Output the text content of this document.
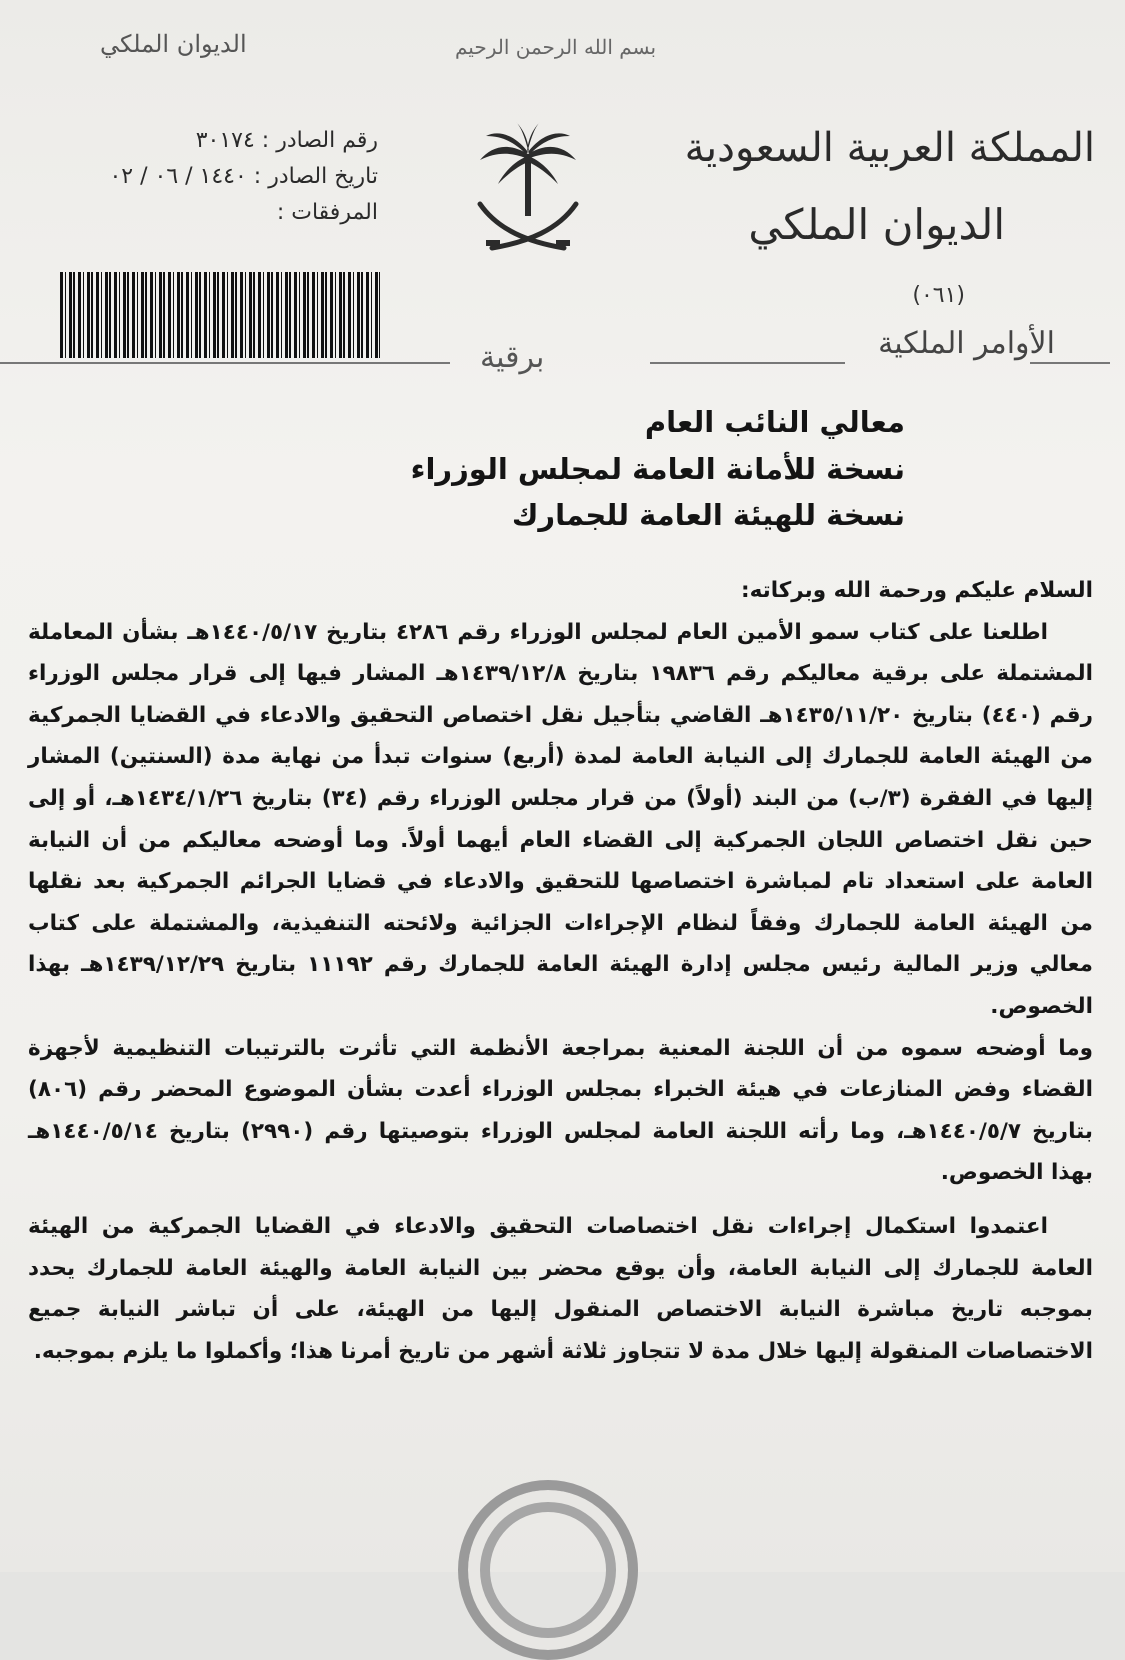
الديوان الملكي	بسم الله الرحمن الرحيم
المملكة العربية السعودية
الديوان الملكي
(٠٦١)
الأوامر الملكية
رقم الصادر : ٣٠١٧٤
تاريخ الصادر : ١٤٤٠ / ٠٦ / ٠٢
المرفقات :
برقية
معالي النائب العام
نسخة للأمانة العامة لمجلس الوزراء
نسخة للهيئة العامة للجمارك

السلام عليكم ورحمة الله وبركاته:

اطلعنا على كتاب سمو الأمين العام لمجلس الوزراء رقم ٤٢٨٦ بتاريخ ١٤٤٠/٥/١٧هـ بشأن المعاملة المشتملة على برقية معاليكم رقم ١٩٨٣٦ بتاريخ ١٤٣٩/١٢/٨هـ المشار فيها إلى قرار مجلس الوزراء رقم (٤٤٠) بتاريخ ١٤٣٥/١١/٢٠هـ القاضي بتأجيل نقل اختصاص التحقيق والادعاء في القضايا الجمركية من الهيئة العامة للجمارك إلى النيابة العامة لمدة (أربع) سنوات تبدأ من نهاية مدة (السنتين) المشار إليها في الفقرة (٣/ب) من البند (أولاً) من قرار مجلس الوزراء رقم (٣٤) بتاريخ ١٤٣٤/١/٢٦هـ، أو إلى حين نقل اختصاص اللجان الجمركية إلى القضاء العام أيهما أولاً. وما أوضحه معاليكم من أن النيابة العامة على استعداد تام لمباشرة اختصاصها للتحقيق والادعاء في قضايا الجرائم الجمركية بعد نقلها من الهيئة العامة للجمارك وفقاً لنظام الإجراءات الجزائية ولائحته التنفيذية، والمشتملة على كتاب معالي وزير المالية رئيس مجلس إدارة الهيئة العامة للجمارك رقم ١١١٩٢ بتاريخ ١٤٣٩/١٢/٢٩هـ بهذا الخصوص.

وما أوضحه سموه من أن اللجنة المعنية بمراجعة الأنظمة التي تأثرت بالترتيبات التنظيمية لأجهزة القضاء وفض المنازعات في هيئة الخبراء بمجلس الوزراء أعدت بشأن الموضوع المحضر رقم (٨٠٦) بتاريخ ١٤٤٠/٥/٧هـ، وما رأته اللجنة العامة لمجلس الوزراء بتوصيتها رقم (٢٩٩٠) بتاريخ ١٤٤٠/٥/١٤هـ بهذا الخصوص.

اعتمدوا استكمال إجراءات نقل اختصاصات التحقيق والادعاء في القضايا الجمركية من الهيئة العامة للجمارك إلى النيابة العامة، وأن يوقع محضر بين النيابة العامة والهيئة العامة للجمارك يحدد بموجبه تاريخ مباشرة النيابة الاختصاص المنقول إليها من الهيئة، على أن تباشر النيابة جميع الاختصاصات المنقولة إليها خلال مدة لا تتجاوز ثلاثة أشهر من تاريخ أمرنا هذا؛ وأكملوا ما يلزم بموجبه.
